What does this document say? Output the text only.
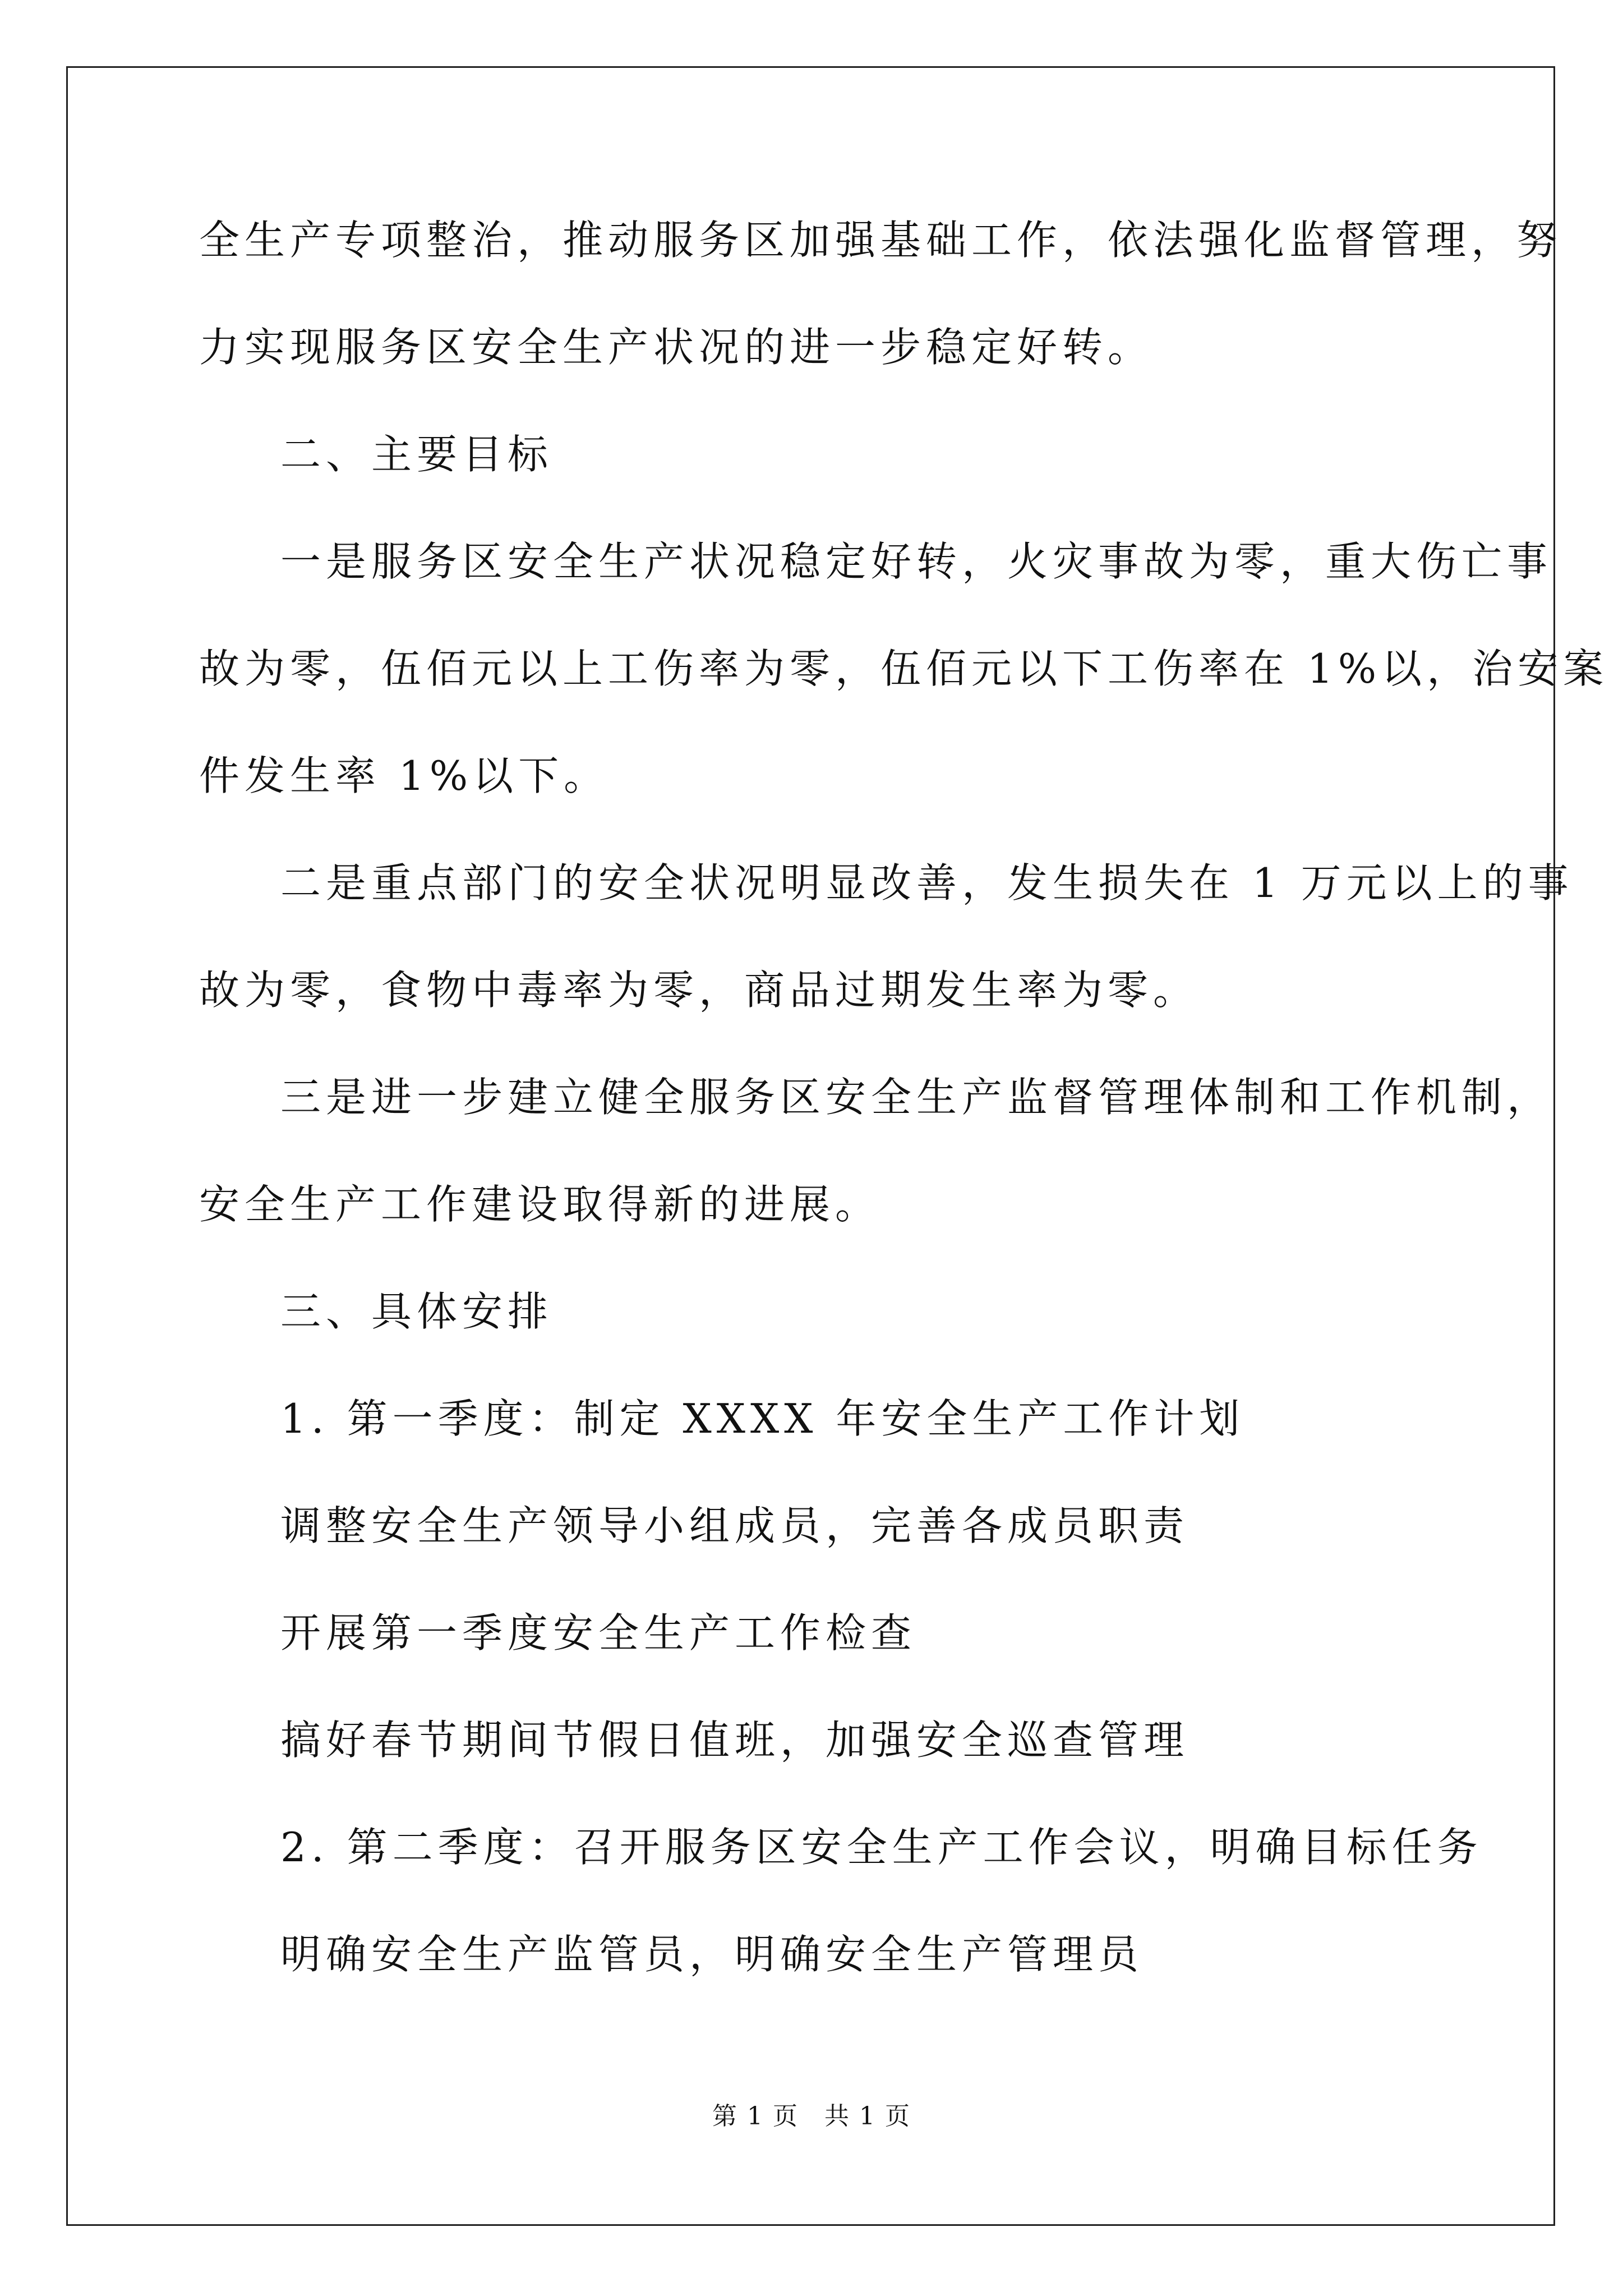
全生产专项整治，推动服务区加强基础工作，依法强化监督管理，努

力实现服务区安全生产状况的进一步稳定好转。

二、主要目标

一是服务区安全生产状况稳定好转，火灾事故为零，重大伤亡事

故为零，伍佰元以上工伤率为零，伍佰元以下工伤率在 1%以，治安案

件发生率 1%以下。

二是重点部门的安全状况明显改善，发生损失在 1 万元以上的事

故为零，食物中毒率为零，商品过期发生率为零。

三是进一步建立健全服务区安全生产监督管理体制和工作机制，

安全生产工作建设取得新的进展。

三、具体安排

1. 第一季度：制定 XXXX 年安全生产工作计划

调整安全生产领导小组成员，完善各成员职责

开展第一季度安全生产工作检查

搞好春节期间节假日值班，加强安全巡查管理

2. 第二季度：召开服务区安全生产工作会议，明确目标任务

明确安全生产监管员，明确安全生产管理员

第 1 页　共 1 页
